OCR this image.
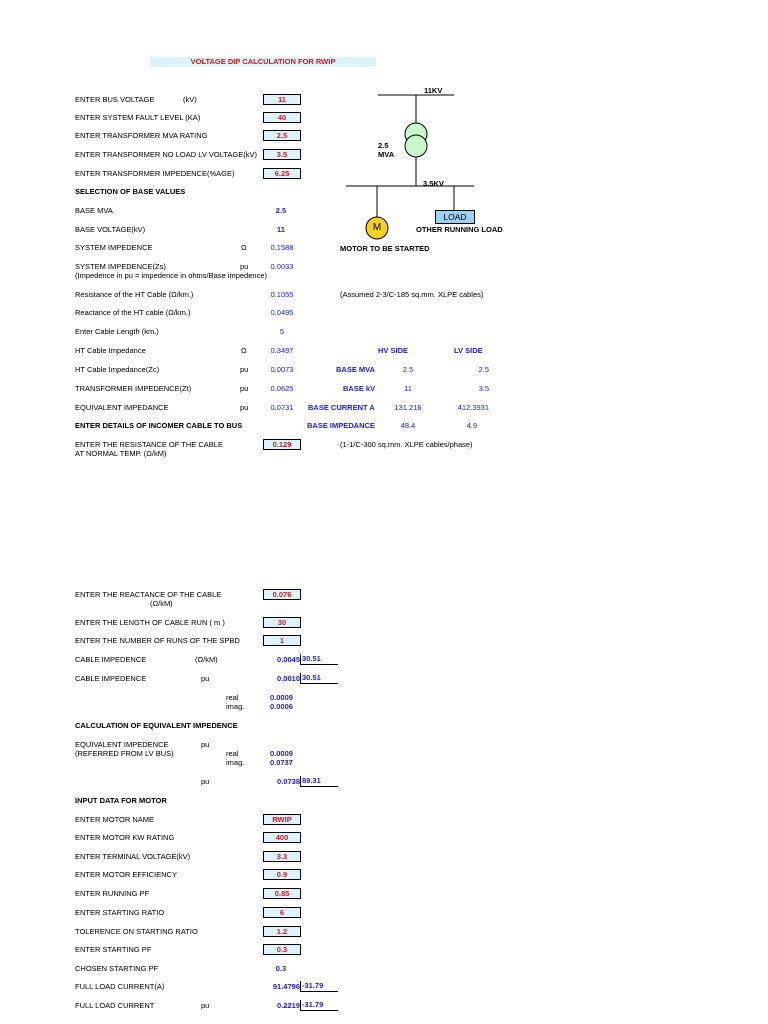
VOLTAGE DIP CALCULATION FOR RWIP
11KV
2.5
MVA
3.5KV
M
LOAD
OTHER RUNNING LOAD
MOTOR TO BE STARTED
ENTER BUS VOLTAGE	(kV)	11
ENTER SYSTEM FAULT LEVEL (KA)	40
ENTER TRANSFORMER MVA RATING	2.5
ENTER TRANSFORMER NO LOAD LV VOLTAGE(kV)	3.5
ENTER TRANSFORMER IMPEDENCE(%AGE)	6.25
SELECTION OF BASE VALUES
BASE MVA	2.5
BASE VOLTAGE(kV)	11
SYSTEM IMPEDENCE	Ω	0.1588
SYSTEM IMPEDENCE(Zs)	pu	0.0033
(Impedence in pu = impedence in ohms/Base impedence)
Resistance of the HT Cable (Ω/km.)	0.1055	(Assumed 2-3/C-185 sq.mm. XLPE cables)
Reactance of the HT cable (Ω/km.)	0.0495
Enter Cable Length (km.)	5
HT Cable Impedance	Ω	0.3497
HT Cable Impedance(Zc)	pu	0.0073
TRANSFORMER IMPEDENCE(Zt)	pu	0.0625
EQUIVALENT IMPEDANCE	pu	0.0731
HV SIDE	LV SIDE
BASE MVA	2.5	2.5
BASE kV	11	3.5
BASE CURRENT A	131.216	412.3931
BASE IMPEDANCE	48.4	4.9
ENTER DETAILS OF INCOMER CABLE TO BUS
ENTER THE RESISTANCE OF THE CABLE
AT NORMAL TEMP. (Ω/kM)
0.129	(1-1/C-300 sq.mm. XLPE cables/phase)
ENTER THE REACTANCE OF THE CABLE
(Ω/kM)
0.076
ENTER THE LENGTH OF CABLE RUN ( m )	30
ENTER THE NUMBER OF RUNS OF THE SPBD	1
CABLE IMPEDENCE	(Ω/kM)	0.0045 30.51
CABLE IMPEDENCE	pu	0.0010 30.51
real	0.0009
imag.	0.0006
CALCULATION OF EQUIVALENT IMPEDENCE
EQUIVALENT IMPEDENCE	pu
(REFERRED FROM LV BUS)	real	0.0009
imag.	0.0737
pu	0.0738 89.31
INPUT DATA FOR MOTOR
ENTER MOTOR NAME	RWIP
ENTER MOTOR KW RATING	400
ENTER TERMINAL VOLTAGE(kV)	3.3
ENTER MOTOR EFFICIENCY	0.9
ENTER RUNNING PF	0.85
ENTER STARTING RATIO	6
TOLERENCE ON STARTING RATIO	1.2
ENTER STARTING PF	0.3
CHOSEN STARTING PF	0.3
FULL LOAD CURRENT(A)	91.4796 -31.79
FULL LOAD CURRENT	pu	0.2219 -31.79
